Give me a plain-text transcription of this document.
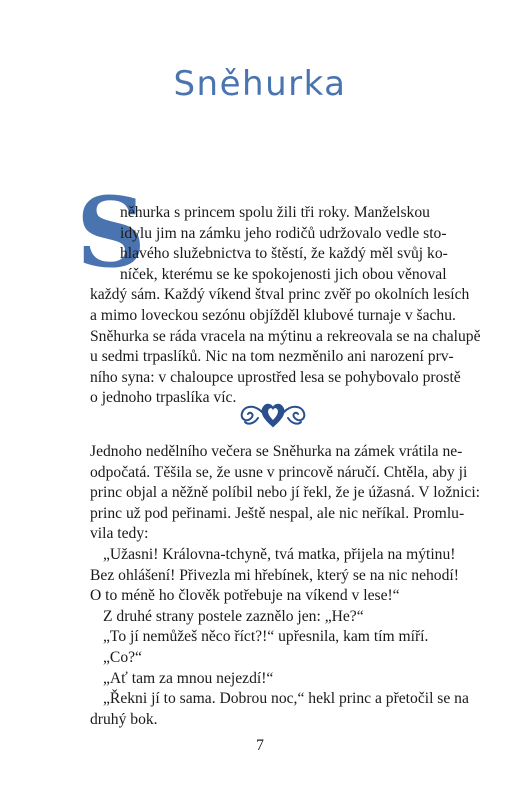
Sněhurka
S
něhurka s princem spolu žili tři roky. Manželskou
idylu jim na zámku jeho rodičů udržovalo vedle sto-
hlavého služebnictva to štěstí, že každý měl svůj ko-
níček, kterému se ke spokojenosti jich obou věnoval
každý sám. Každý víkend štval princ zvěř po okolních lesích
a mimo loveckou sezónu objížděl klubové turnaje v šachu.
Sněhurka se ráda vracela na mýtinu a rekreovala se na chalupě
u sedmi trpaslíků. Nic na tom nezměnilo ani narození prv-
ního syna: v chaloupce uprostřed lesa se pohybovalo prostě
o jednoho trpaslíka víc.
Jednoho nedělního večera se Sněhurka na zámek vrátila ne-
odpočatá. Těšila se, že usne v princově náručí. Chtěla, aby ji
princ objal a něžně políbil nebo jí řekl, že je úžasná. V ložnici:
princ už pod peřinami. Ještě nespal, ale nic neříkal. Promlu-
vila tedy:
„Užasni! Královna-tchyně, tvá matka, přijela na mýtinu!
Bez ohlášení! Přivezla mi hřebínek, který se na nic nehodí!
O to méně ho člověk potřebuje na víkend v lese!“
Z druhé strany postele zaznělo jen: „He?“
„To jí nemůžeš něco říct?!“ upřesnila, kam tím míří.
„Co?“
„Ať tam za mnou nejezdí!“
„Řekni jí to sama. Dobrou noc,“ hekl princ a přetočil se na
druhý bok.
7
